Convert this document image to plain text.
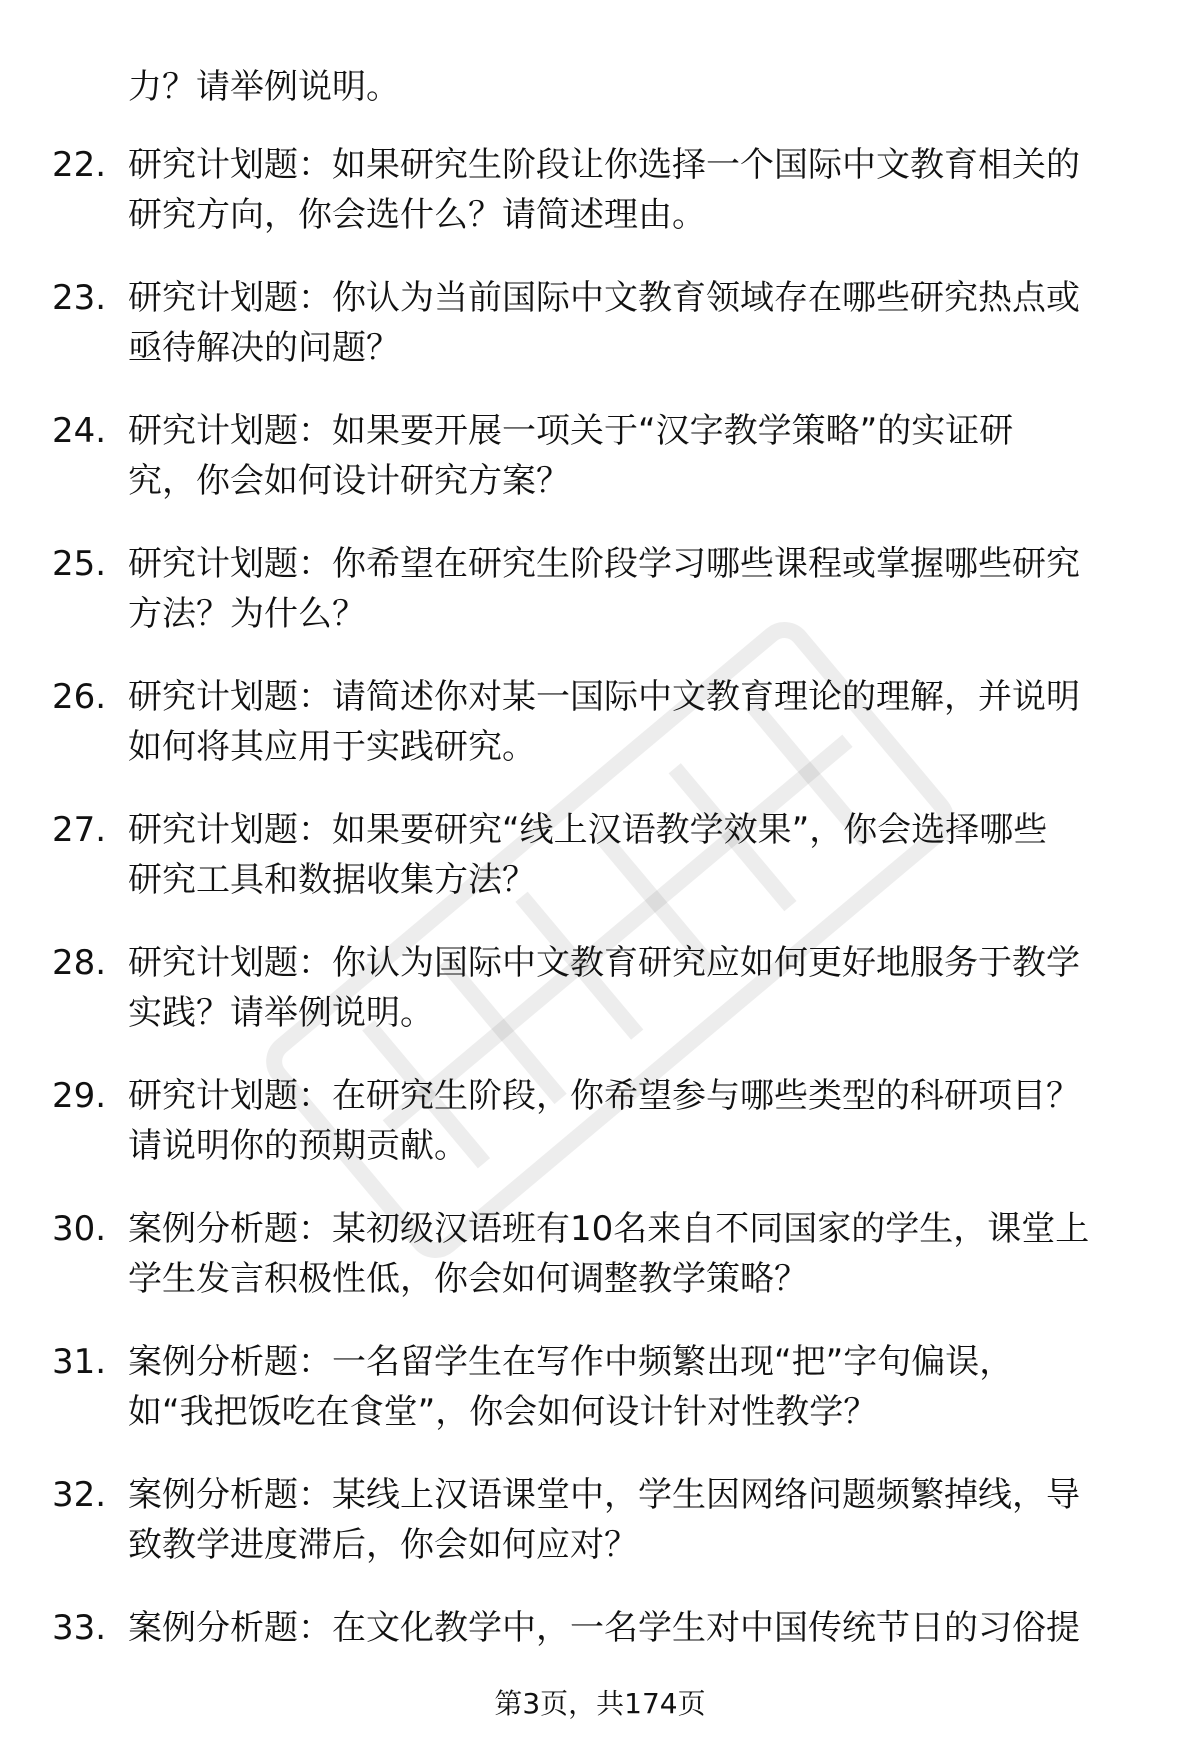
力？请举例说明。
22. 研究计划题：如果研究生阶段让你选择一个国际中文教育相关的
研究方向，你会选什么？请简述理由。
23. 研究计划题：你认为当前国际中文教育领域存在哪些研究热点或
亟待解决的问题？
24. 研究计划题：如果要开展一项关于“汉字教学策略”的实证研
究，你会如何设计研究方案？
25. 研究计划题：你希望在研究生阶段学习哪些课程或掌握哪些研究
方法？为什么？
26. 研究计划题：请简述你对某一国际中文教育理论的理解，并说明
如何将其应用于实践研究。
27. 研究计划题：如果要研究“线上汉语教学效果”，你会选择哪些
研究工具和数据收集方法？
28. 研究计划题：你认为国际中文教育研究应如何更好地服务于教学
实践？请举例说明。
29. 研究计划题：在研究生阶段，你希望参与哪些类型的科研项目？
请说明你的预期贡献。
30. 案例分析题：某初级汉语班有10名来自不同国家的学生，课堂上
学生发言积极性低，你会如何调整教学策略？
31. 案例分析题：一名留学生在写作中频繁出现“把”字句偏误，
如“我把饭吃在食堂”，你会如何设计针对性教学？
32. 案例分析题：某线上汉语课堂中，学生因网络问题频繁掉线，导
致教学进度滞后，你会如何应对？
33. 案例分析题：在文化教学中，一名学生对中国传统节日的习俗提
第3页，共174页
